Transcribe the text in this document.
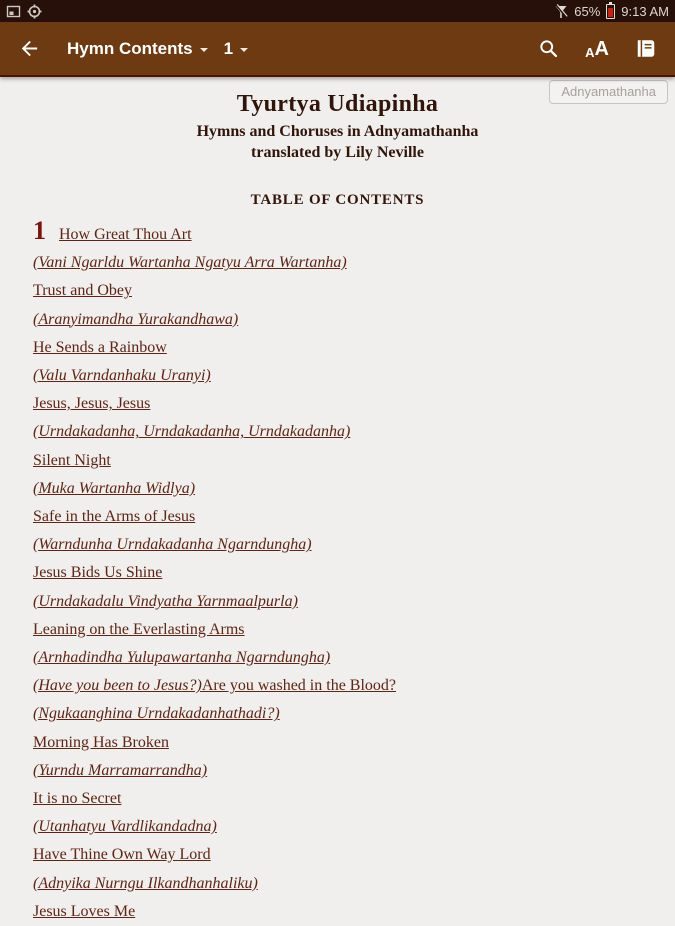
65% 9:13 AM
Hymn Contents 1	A A
Adnyamathanha
Tyurtya Udiapinha
Hymns and Choruses in Adnyamathanha
translated by Lily Neville
TABLE OF CONTENTS
1 How Great Thou Art
(Vani Ngarldu Wartanha Ngatyu Arra Wartanha)
Trust and Obey
(Aranyimandha Yurakandhawa)
He Sends a Rainbow
(Valu Varndanhaku Uranyi)
Jesus, Jesus, Jesus
(Urndakadanha, Urndakadanha, Urndakadanha)
Silent Night
(Muka Wartanha Widlya)
Safe in the Arms of Jesus
(Warndunha Urndakadanha Ngarndungha)
Jesus Bids Us Shine
(Urndakadalu Vindyatha Yarnmaalpurla)
Leaning on the Everlasting Arms
(Arnhadindha Yulupawartanha Ngarndungha)
(Have you been to Jesus?)Are you washed in the Blood?
(Ngukaanghina Urndakadanhathadi?)
Morning Has Broken
(Yurndu Marramarrandha)
It is no Secret
(Utanhatyu Vardlikandadna)
Have Thine Own Way Lord
(Adnyika Nurngu Ilkandhanhaliku)
Jesus Loves Me
